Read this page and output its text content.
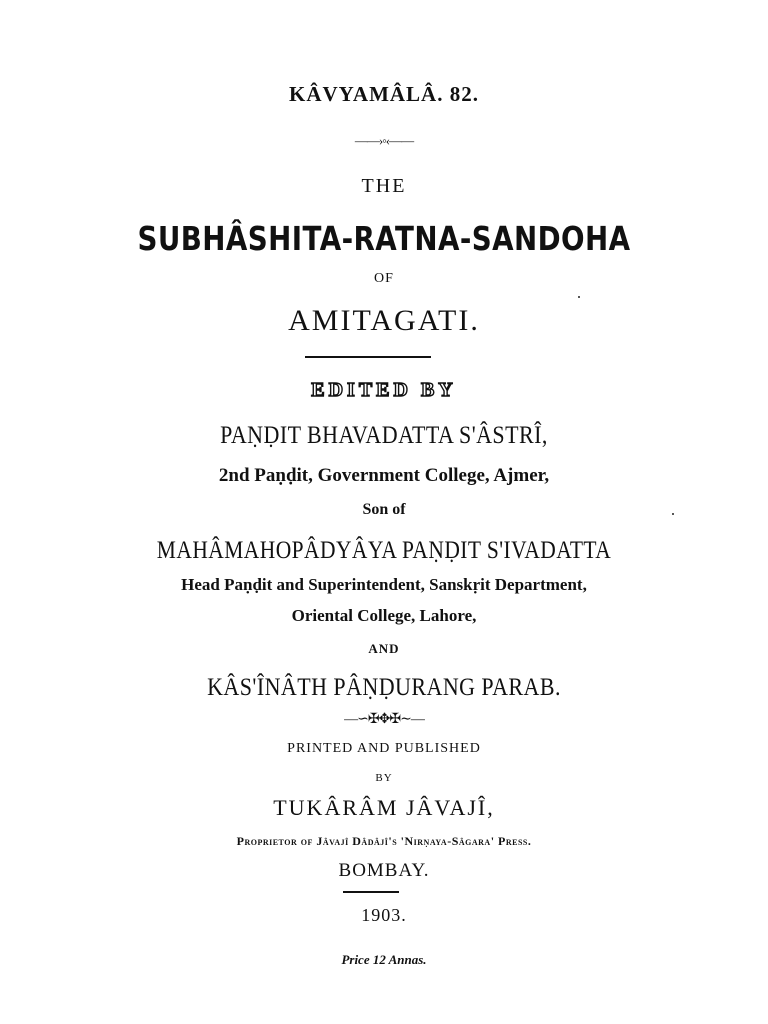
KÂVYAMÂLÂ. 82.
——›◦‹——
THE
SUBHÂSHITA-RATNA-SANDOHA
OF
AMITAGATI.
EDITED BY
PAṆḌIT BHAVADATTA S'ÂSTRÎ,
2nd Paṇḍit, Government College, Ajmer,
Son of
MAHÂMAHOPÂDYÂYA PAṆḌIT S'IVADATTA
Head Paṇḍit and Superintendent, Sanskṛit Department,
Oriental College, Lahore,
AND
KÂS'ÎNÂTH PÂṆḌURANG PARAB.
—∽✠✥✠∼—
PRINTED AND PUBLISHED
BY
TUKÂRÂM JÂVAJÎ,
Proprietor of Jâvajî Dâdâjî's 'Nirṇaya-Sâgara' Press.
BOMBAY.
1903.
Price 12 Annas.
